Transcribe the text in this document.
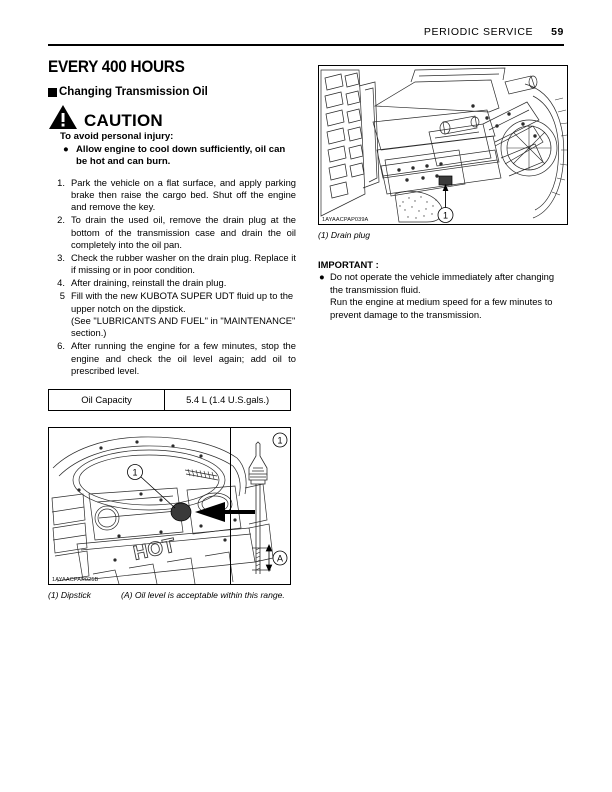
PERIODIC SERVICE 59
EVERY 400 HOURS
Changing Transmission Oil
CAUTION
To avoid personal injury:
● Allow engine to cool down sufficiently, oil can be hot and can burn.
1. Park the vehicle on a flat surface, and apply parking brake then raise the cargo bed. Shut off the engine and remove the key.
2. To drain the used oil, remove the drain plug at the bottom of the transmission case and drain the oil completely into the oil pan.
3. Check the rubber washer on the drain plug. Replace it if missing or in poor condition.
4. After draining, reinstall the drain plug.
5 Fill with the new KUBOTA SUPER UDT fluid up to the upper notch on the dipstick.
(See "LUBRICANTS AND FUEL" in "MAINTENANCE" section.)
6. After running the engine for a few minutes, stop the engine and check the oil level again; add oil to prescribed level.
Oil Capacity	5.4 L (1.4 U.S.gals.)
HOT
1
A
1
1AYAACPAP025B
(1) Dipstick	(A) Oil level is acceptable within this range.
1
1AYAACPAP039A
(1) Drain plug
IMPORTANT :
● Do not operate the vehicle immediately after changing the transmission fluid.
Run the engine at medium speed for a few minutes to prevent damage to the transmission.
